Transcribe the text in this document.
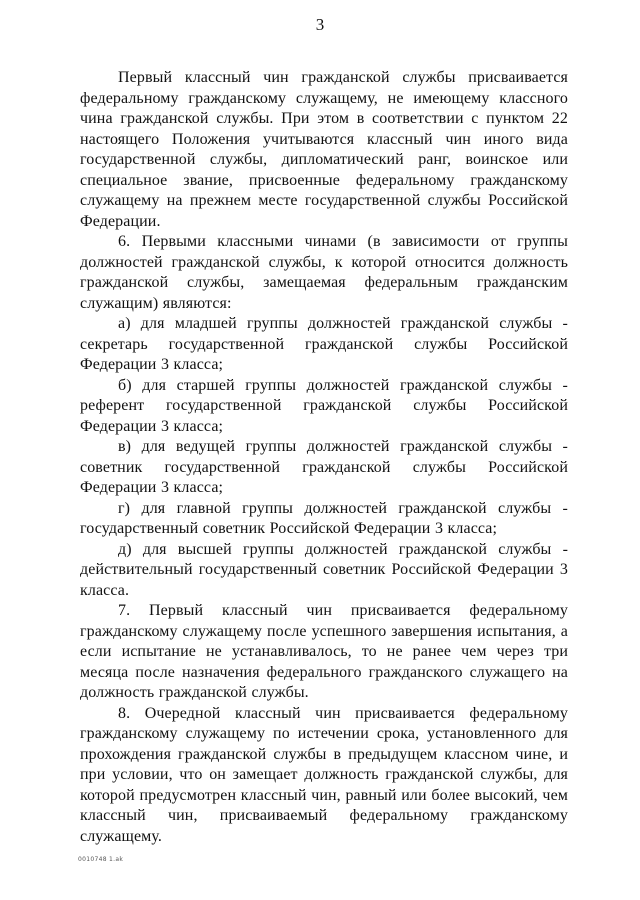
3

Первый классный чин гражданской службы присваивается федеральному гражданскому служащему, не имеющему классного чина гражданской службы. При этом в соответствии с пунктом 22 настоящего Положения учитываются классный чин иного вида государственной службы, дипломатический ранг, воинское или специальное звание, присвоенные федеральному гражданскому служащему на прежнем месте государственной службы Российской Федерации.

6. Первыми классными чинами (в зависимости от группы должностей гражданской службы, к которой относится должность гражданской службы, замещаемая федеральным гражданским служащим) являются:

а) для младшей группы должностей гражданской службы - секретарь государственной гражданской службы Российской Федерации 3 класса;

б) для старшей группы должностей гражданской службы - референт государственной гражданской службы Российской Федерации 3 класса;

в) для ведущей группы должностей гражданской службы - советник государственной гражданской службы Российской Федерации 3 класса;

г) для главной группы должностей гражданской службы - государственный советник Российской Федерации 3 класса;

д) для высшей группы должностей гражданской службы - действительный государственный советник Российской Федерации 3 класса.

7. Первый классный чин присваивается федеральному гражданскому служащему после успешного завершения испытания, а если испытание не устанавливалось, то не ранее чем через три месяца после назначения федерального гражданского служащего на должность гражданской службы.

8. Очередной классный чин присваивается федеральному гражданскому служащему по истечении срока, установленного для прохождения гражданской службы в предыдущем классном чине, и при условии, что он замещает должность гражданской службы, для которой предусмотрен классный чин, равный или более высокий, чем классный чин, присваиваемый федеральному гражданскому служащему.

0010748 1.ak
